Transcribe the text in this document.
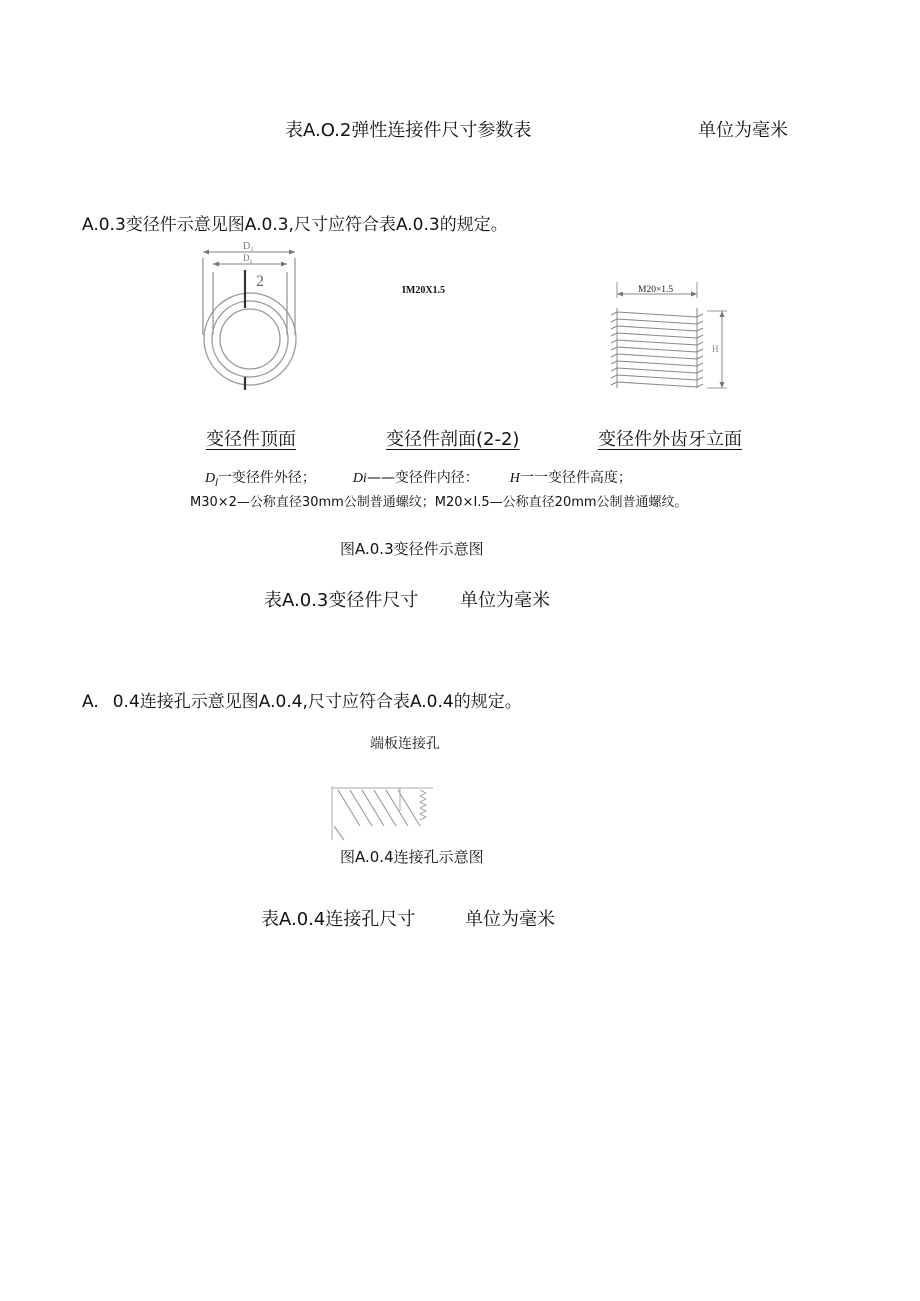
表A.O.2弹性连接件尺寸参数表	单位为毫米
A.0.3变径件示意见图A.0.3,尺寸应符合表A.0.3的规定。
D₁
D₂
2
IM20X1.5	M20×1.5
H
变径件顶面	变径件剖面(2-2)	变径件外齿牙立面
$D_l$一变径件外径；	Di——变径件内径： H一一变径件高度；
M30×2—公称直径30mm公制普通螺纹；M20×I.5—公称直径20mm公制普通螺纹。
图A.0.3变径件示意图
表A.0.3变径件尺寸 单位为毫米
A. 0.4连接孔示意见图A.0.4,尺寸应符合表A.0.4的规定。
端板连接孔
图A.0.4连接孔示意图
表A.0.4连接孔尺寸	单位为毫米
